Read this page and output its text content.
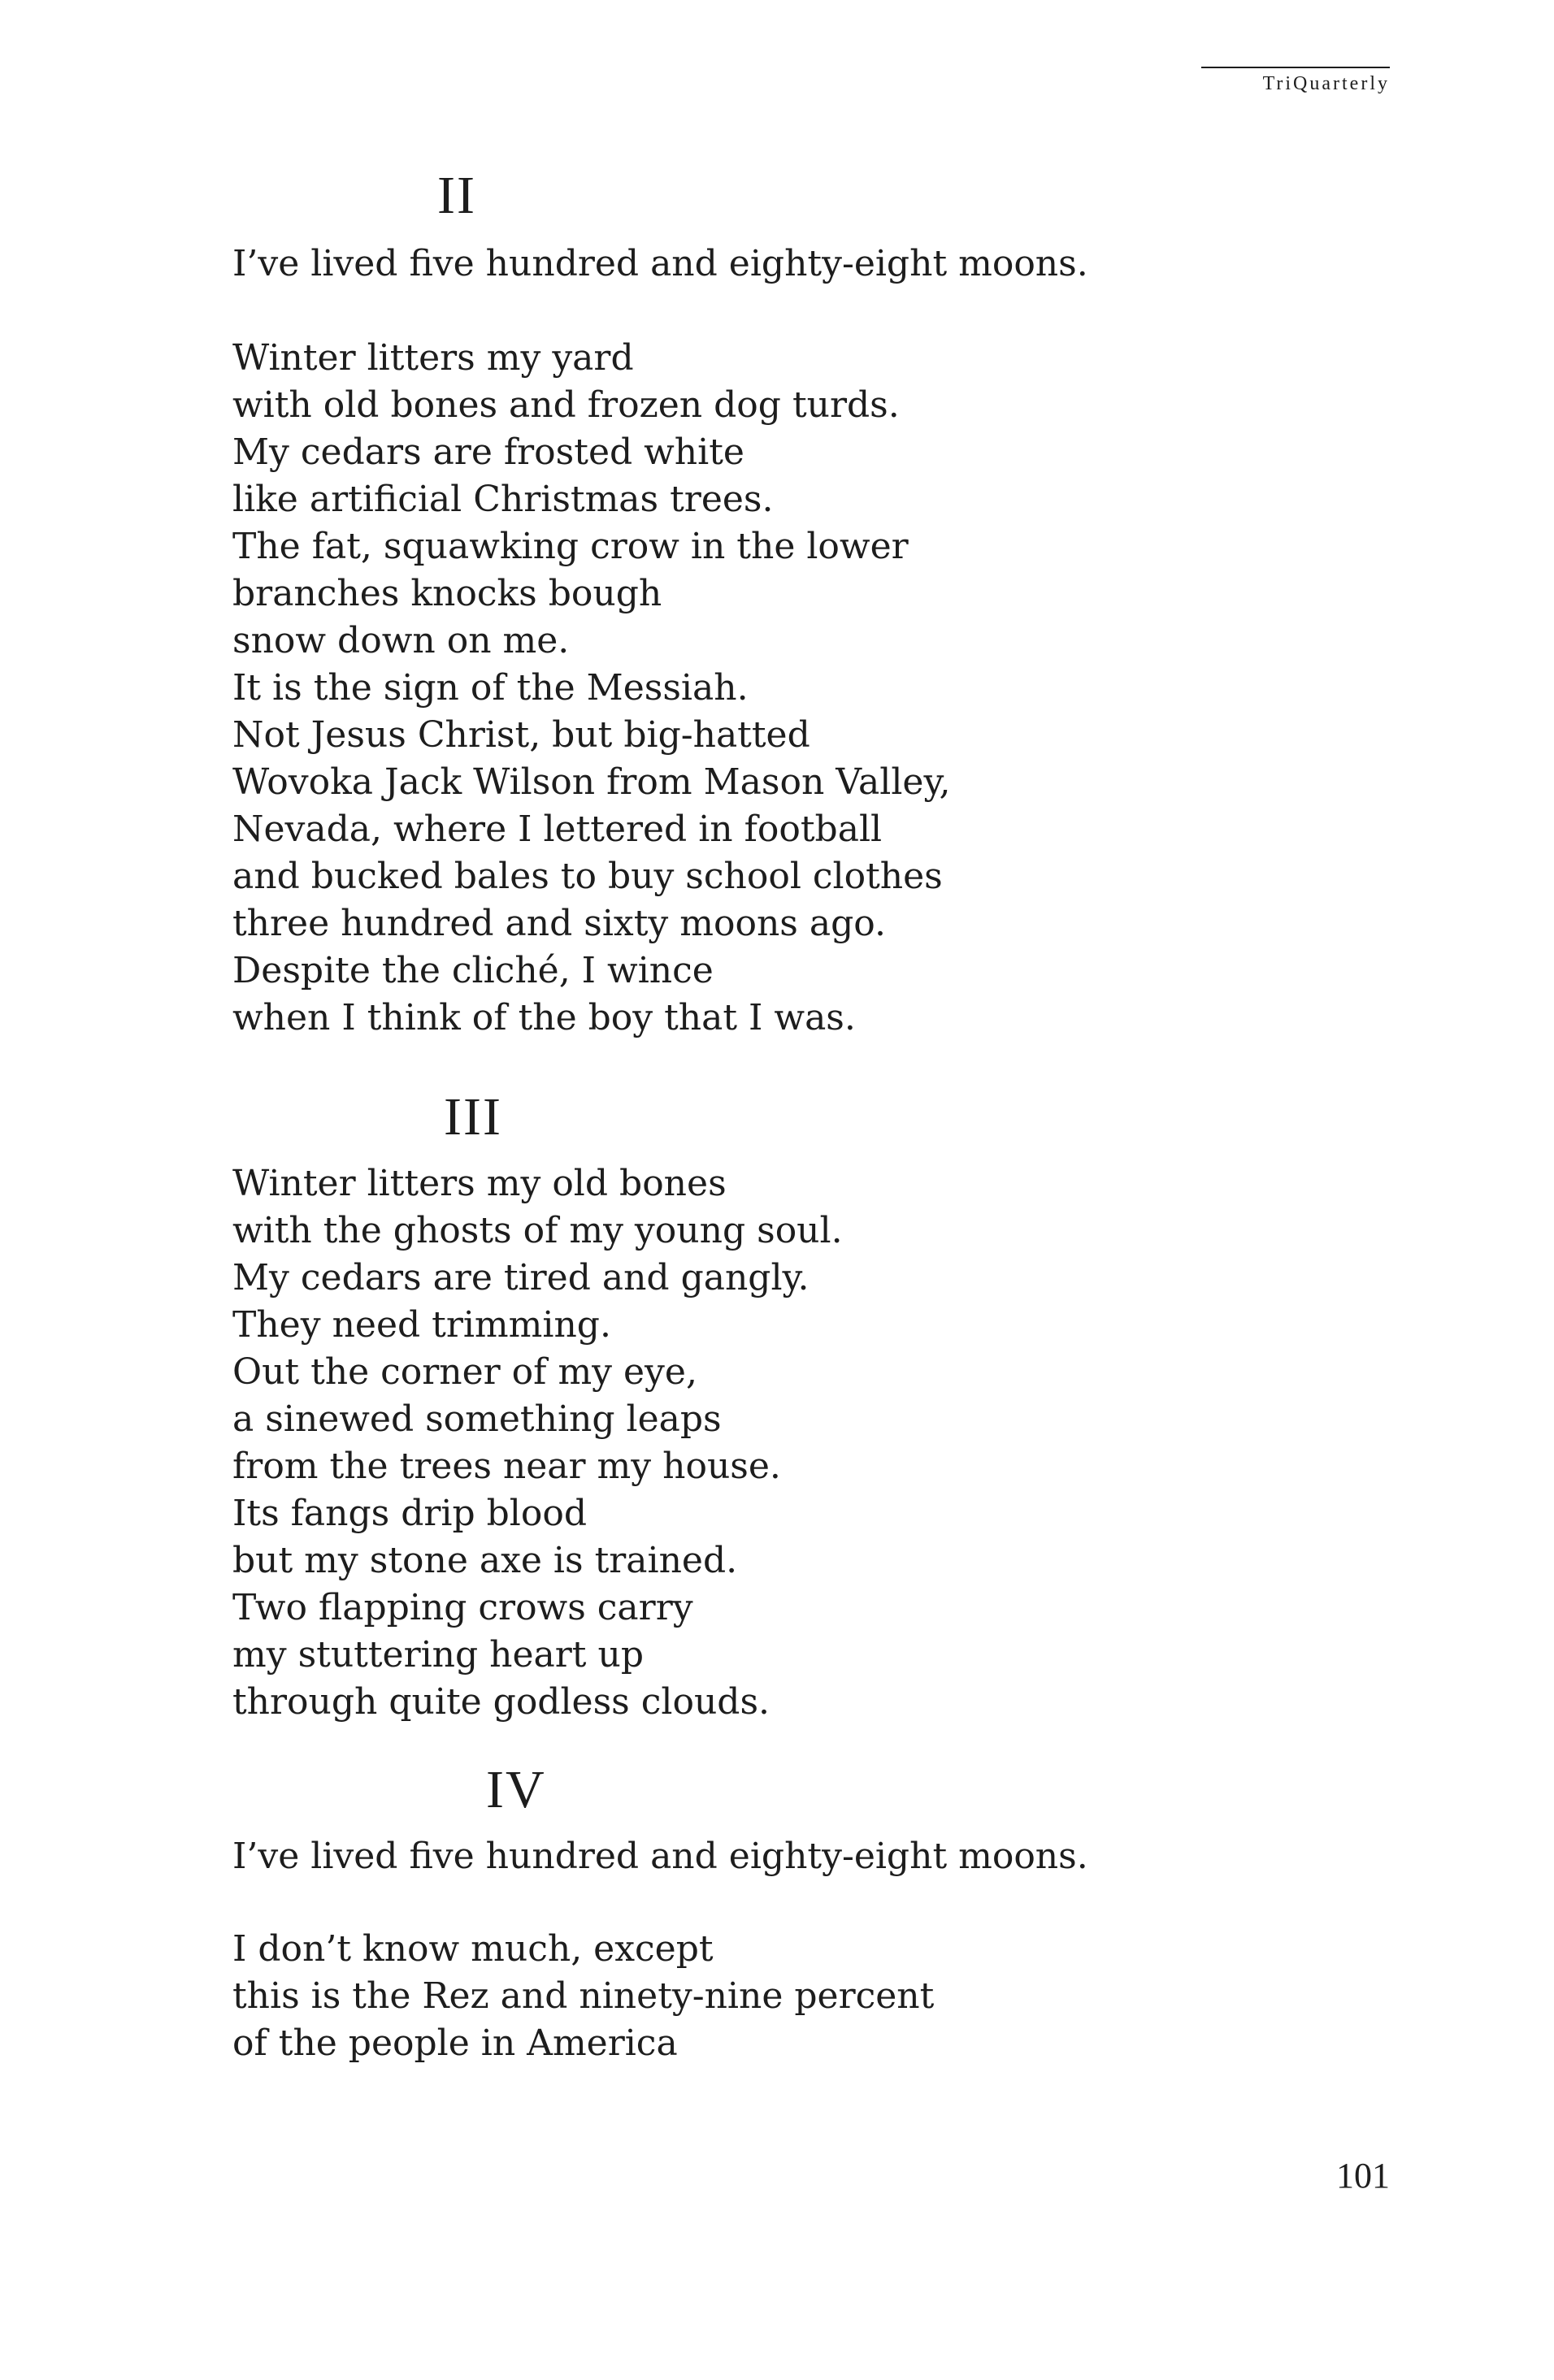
TriQuarterly
II
I’ve lived five hundred and eighty-eight moons.
Winter litters my yard
with old bones and frozen dog turds.
My cedars are frosted white
like artificial Christmas trees.
The fat, squawking crow in the lower
branches knocks bough
snow down on me.
It is the sign of the Messiah.
Not Jesus Christ, but big-hatted
Wovoka Jack Wilson from Mason Valley,
Nevada, where I lettered in football
and bucked bales to buy school clothes
three hundred and sixty moons ago.
Despite the cliché, I wince
when I think of the boy that I was.
III
Winter litters my old bones
with the ghosts of my young soul.
My cedars are tired and gangly.
They need trimming.
Out the corner of my eye,
a sinewed something leaps
from the trees near my house.
Its fangs drip blood
but my stone axe is trained.
Two flapping crows carry
my stuttering heart up
through quite godless clouds.
IV
I’ve lived five hundred and eighty-eight moons.
I don’t know much, except
this is the Rez and ninety-nine percent
of the people in America
101
